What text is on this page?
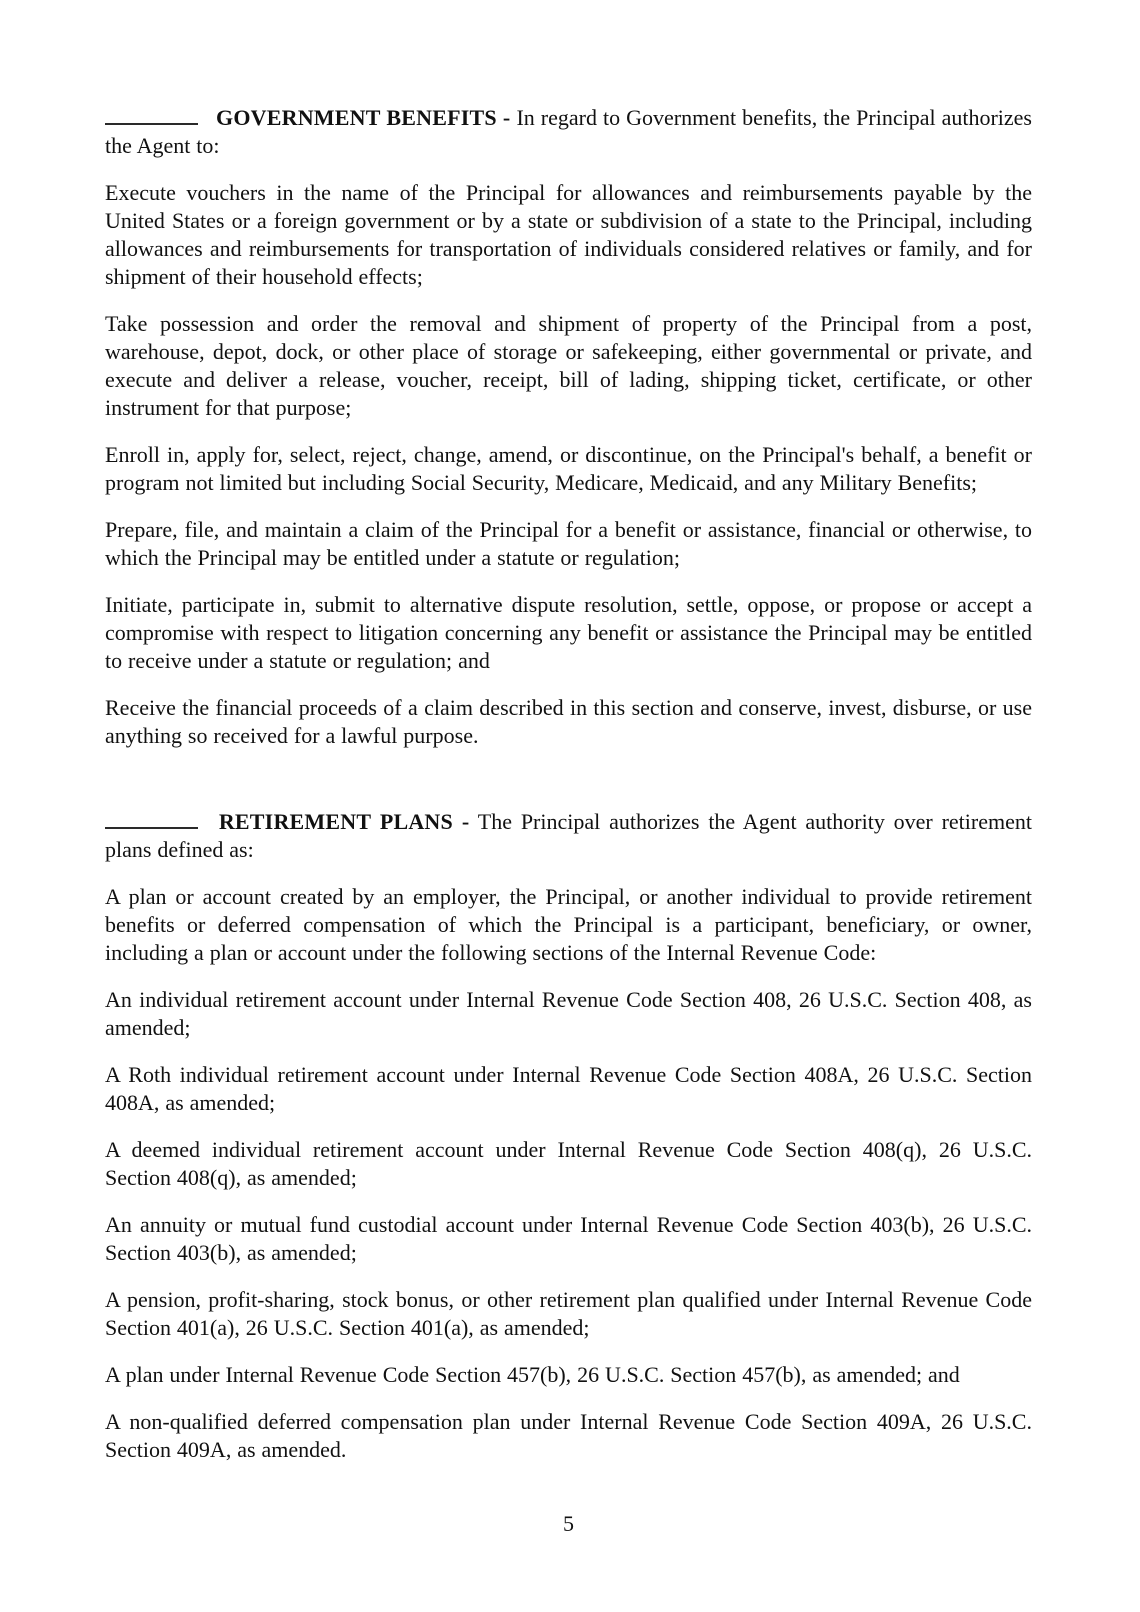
GOVERNMENT BENEFITS - In regard to Government benefits, the Principal authorizes the Agent to:

Execute vouchers in the name of the Principal for allowances and reimbursements payable by the United States or a foreign government or by a state or subdivision of a state to the Principal, including allowances and reimbursements for transportation of individuals considered relatives or family, and for shipment of their household effects;

Take possession and order the removal and shipment of property of the Principal from a post, warehouse, depot, dock, or other place of storage or safekeeping, either governmental or private, and execute and deliver a release, voucher, receipt, bill of lading, shipping ticket, certificate, or other instrument for that purpose;

Enroll in, apply for, select, reject, change, amend, or discontinue, on the Principal's behalf, a benefit or program not limited but including Social Security, Medicare, Medicaid, and any Military Benefits;

Prepare, file, and maintain a claim of the Principal for a benefit or assistance, financial or otherwise, to which the Principal may be entitled under a statute or regulation;

Initiate, participate in, submit to alternative dispute resolution, settle, oppose, or propose or accept a compromise with respect to litigation concerning any benefit or assistance the Principal may be entitled to receive under a statute or regulation; and

Receive the financial proceeds of a claim described in this section and conserve, invest, disburse, or use anything so received for a lawful purpose.

RETIREMENT PLANS - The Principal authorizes the Agent authority over retirement plans defined as:

A plan or account created by an employer, the Principal, or another individual to provide retirement benefits or deferred compensation of which the Principal is a participant, beneficiary, or owner, including a plan or account under the following sections of the Internal Revenue Code:

An individual retirement account under Internal Revenue Code Section 408, 26 U.S.C. Section 408, as amended;

A Roth individual retirement account under Internal Revenue Code Section 408A, 26 U.S.C. Section 408A, as amended;

A deemed individual retirement account under Internal Revenue Code Section 408(q), 26 U.S.C. Section 408(q), as amended;

An annuity or mutual fund custodial account under Internal Revenue Code Section 403(b), 26 U.S.C. Section 403(b), as amended;

A pension, profit-sharing, stock bonus, or other retirement plan qualified under Internal Revenue Code Section 401(a), 26 U.S.C. Section 401(a), as amended;

A plan under Internal Revenue Code Section 457(b), 26 U.S.C. Section 457(b), as amended; and

A non-qualified deferred compensation plan under Internal Revenue Code Section 409A, 26 U.S.C. Section 409A, as amended.

5
